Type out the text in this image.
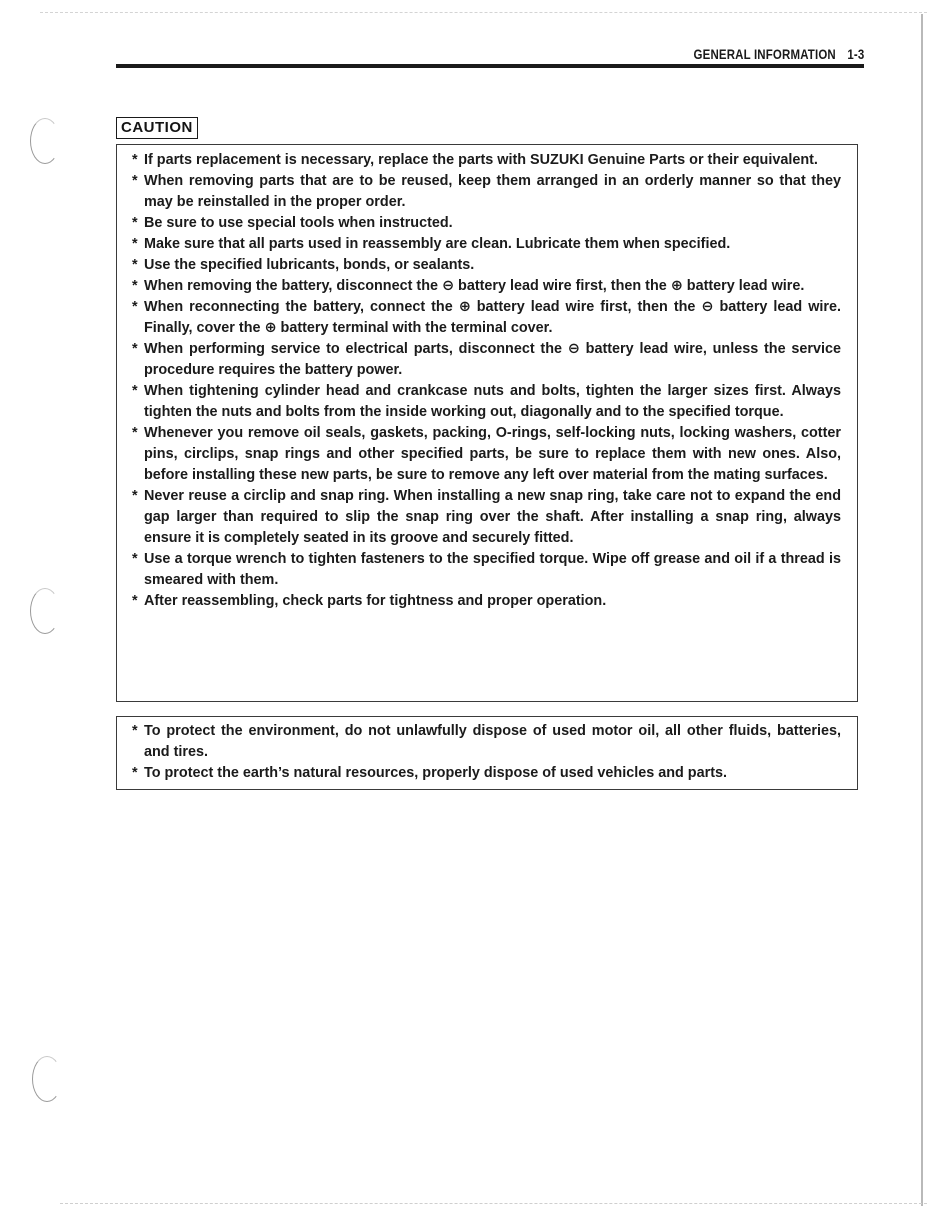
GENERAL INFORMATION 1-3
CAUTION
* If parts replacement is necessary, replace the parts with SUZUKI Genuine Parts or their equivalent.
* When removing parts that are to be reused, keep them arranged in an orderly manner so that they may be reinstalled in the proper order.
* Be sure to use special tools when instructed.
* Make sure that all parts used in reassembly are clean. Lubricate them when specified.
* Use the specified lubricants, bonds, or sealants.
* When removing the battery, disconnect the ⊖ battery lead wire first, then the ⊕ battery lead wire.
* When reconnecting the battery, connect the ⊕ battery lead wire first, then the ⊖ battery lead wire. Finally, cover the ⊕ battery terminal with the terminal cover.
* When performing service to electrical parts, disconnect the ⊖ battery lead wire, unless the service procedure requires the battery power.
* When tightening cylinder head and crankcase nuts and bolts, tighten the larger sizes first. Always tighten the nuts and bolts from the inside working out, diagonally and to the specified torque.
* Whenever you remove oil seals, gaskets, packing, O-rings, self-locking nuts, locking washers, cotter pins, circlips, snap rings and other specified parts, be sure to replace them with new ones. Also, before installing these new parts, be sure to remove any left over material from the mating surfaces.
* Never reuse a circlip and snap ring. When installing a new snap ring, take care not to expand the end gap larger than required to slip the snap ring over the shaft. After installing a snap ring, always ensure it is completely seated in its groove and securely fitted.
* Use a torque wrench to tighten fasteners to the specified torque. Wipe off grease and oil if a thread is smeared with them.
* After reassembling, check parts for tightness and proper operation.
* To protect the environment, do not unlawfully dispose of used motor oil, all other fluids, batteries, and tires.
* To protect the earth’s natural resources, properly dispose of used vehicles and parts.
